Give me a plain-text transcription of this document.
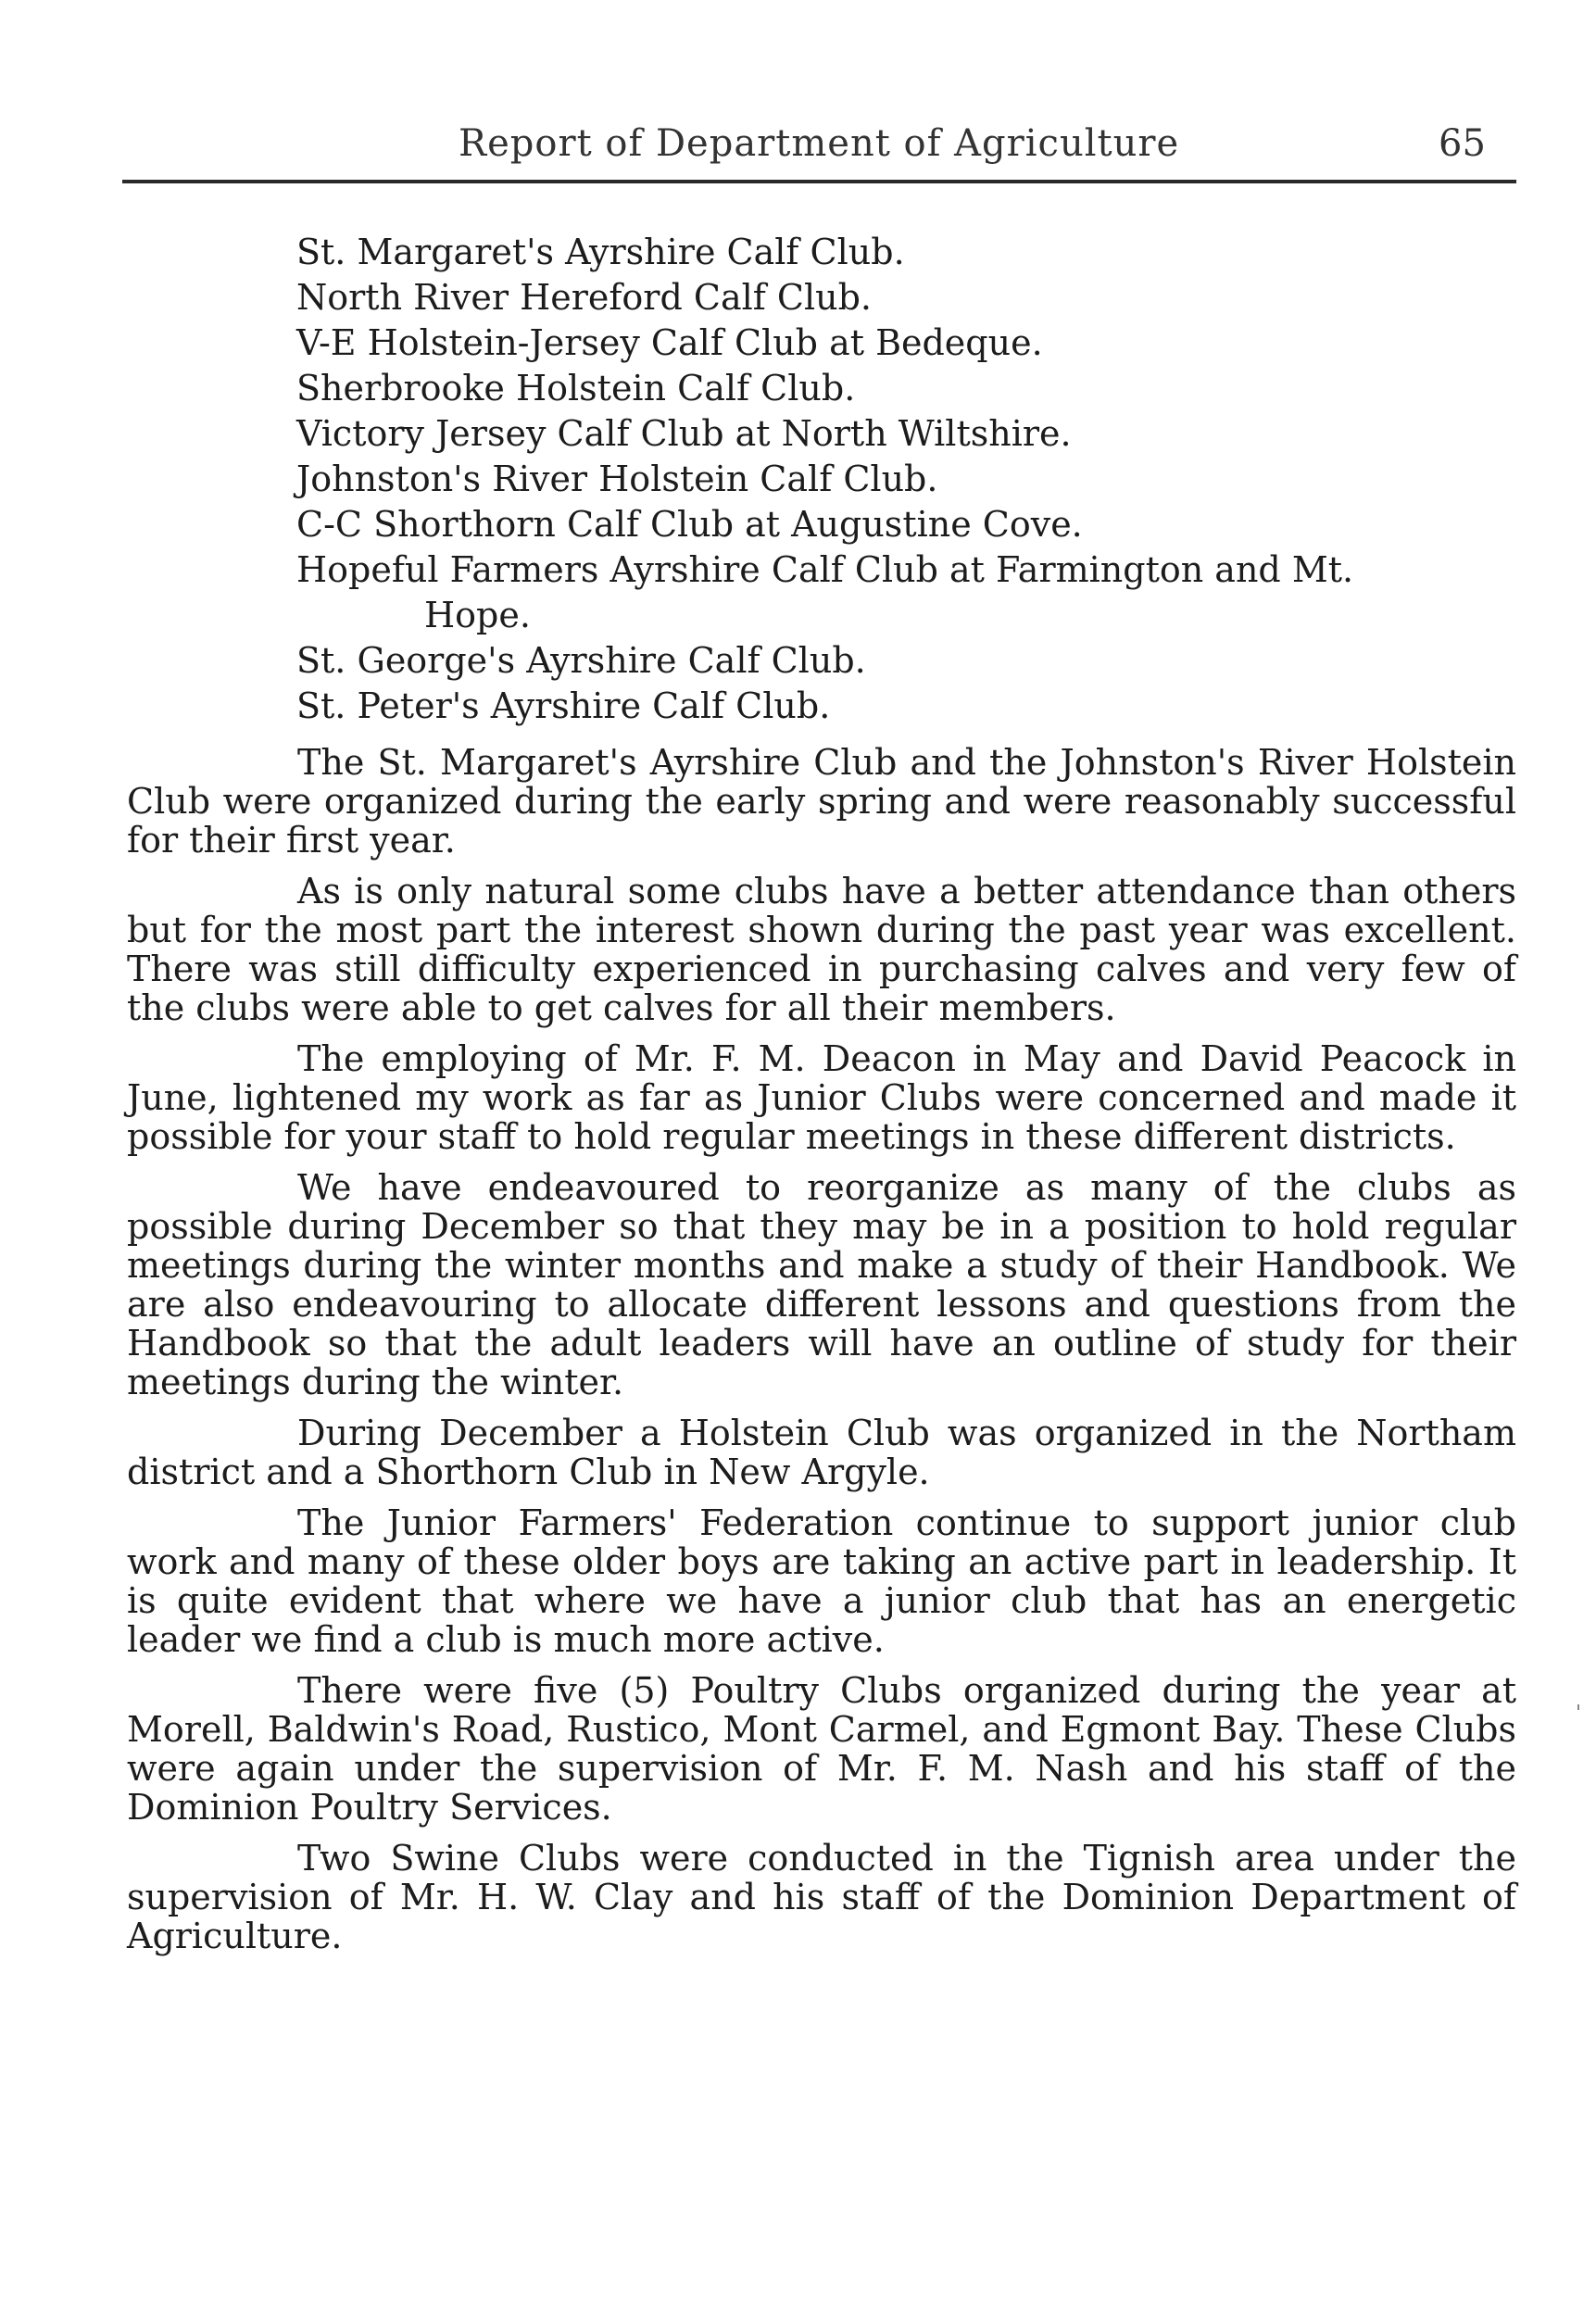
Report of Department of Agriculture	65
St. Margaret's Ayrshire Calf Club.
North River Hereford Calf Club.
V-E Holstein-Jersey Calf Club at Bedeque.
Sherbrooke Holstein Calf Club.
Victory Jersey Calf Club at North Wiltshire.
Johnston's River Holstein Calf Club.
C-C Shorthorn Calf Club at Augustine Cove.
Hopeful Farmers Ayrshire Calf Club at Farmington and Mt.
Hope.
St. George's Ayrshire Calf Club.
St. Peter's Ayrshire Calf Club.

The St. Margaret's Ayrshire Club and the Johnston's River Holstein Club were organized during the early spring and were reasonably successful for their first year.

As is only natural some clubs have a better attendance than others but for the most part the interest shown during the past year was excellent. There was still difficulty experienced in purchasing calves and very few of the clubs were able to get calves for all their members.

The employing of Mr. F. M. Deacon in May and David Peacock in June, lightened my work as far as Junior Clubs were concerned and made it possible for your staff to hold regular meetings in these different districts.

We have endeavoured to reorganize as many of the clubs as possible during December so that they may be in a position to hold regular meetings during the winter months and make a study of their Handbook. We are also endeavouring to allocate different lessons and questions from the Handbook so that the adult leaders will have an outline of study for their meetings during the winter.

During December a Holstein Club was organized in the Northam district and a Shorthorn Club in New Argyle.

The Junior Farmers' Federation continue to support junior club work and many of these older boys are taking an active part in leadership. It is quite evident that where we have a junior club that has an energetic leader we find a club is much more active.

There were five (5) Poultry Clubs organized during the year at Morell, Baldwin's Road, Rustico, Mont Carmel, and Egmont Bay. These Clubs were again under the supervision of Mr. F. M. Nash and his staff of the Dominion Poultry Services.

Two Swine Clubs were conducted in the Tignish area under the supervision of Mr. H. W. Clay and his staff of the Dominion Department of Agriculture.
